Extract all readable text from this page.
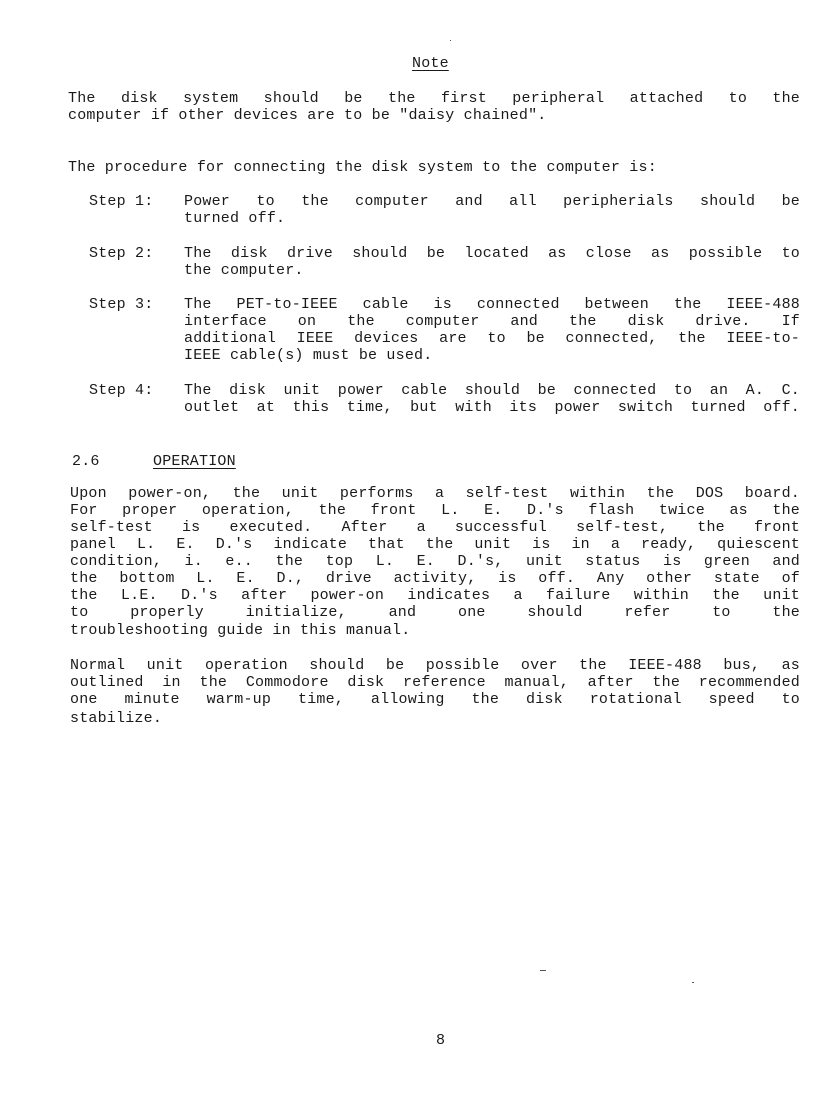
Note
The disk system should be the first peripheral attached to the
computer if other devices are to be "daisy chained".
The procedure for connecting the disk system to the computer is:
Step 1: Power to the computer and all peripherials should be
turned off.
Step 2: The disk drive should be located as close as possible to
the computer.
Step 3: The PET-to-IEEE cable is connected between the IEEE-488
interface on the computer and the disk drive. If
additional IEEE devices are to be connected, the IEEE-to-
IEEE cable(s) must be used.
Step 4: The disk unit power cable should be connected to an A. C.
outlet at this time, but with its power switch turned off.
2.6	OPERATION
Upon power-on, the unit performs a self-test within the DOS board.
For proper operation, the front L. E. D.'s flash twice as the
self-test is executed. After a successful self-test, the front
panel L. E. D.'s indicate that the unit is in a ready, quiescent
condition, i. e.. the top L. E. D.'s, unit status is green and
the bottom L. E. D., drive activity, is off. Any other state of
the L.E. D.'s after power-on indicates a failure within the unit
to properly initialize, and one should refer to the
troubleshooting guide in this manual.
Normal unit operation should be possible over the IEEE-488 bus, as
outlined in the Commodore disk reference manual, after the recommended
one minute warm-up time, allowing the disk rotational speed to
stabilize.
8
